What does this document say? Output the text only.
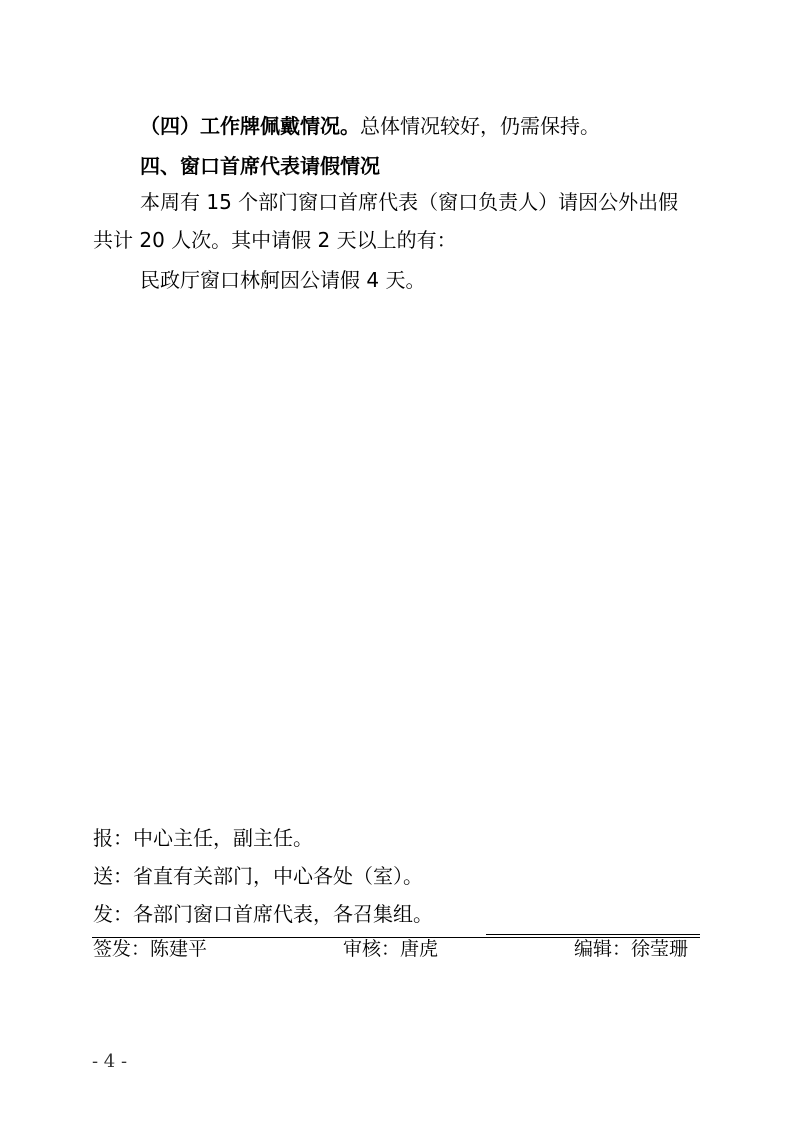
（四）工作牌佩戴情况。总体情况较好，仍需保持。
四、窗口首席代表请假情况
本周有 15 个部门窗口首席代表（窗口负责人）请因公外出假
共计 20 人次。其中请假 2 天以上的有：
民政厅窗口林舸因公请假 4 天。
报：中心主任，副主任。
送：省直有关部门，中心各处（室）。
发：各部门窗口首席代表，各召集组。
签发：陈建平	审核：唐虎	编辑：徐莹珊
- 4 -
